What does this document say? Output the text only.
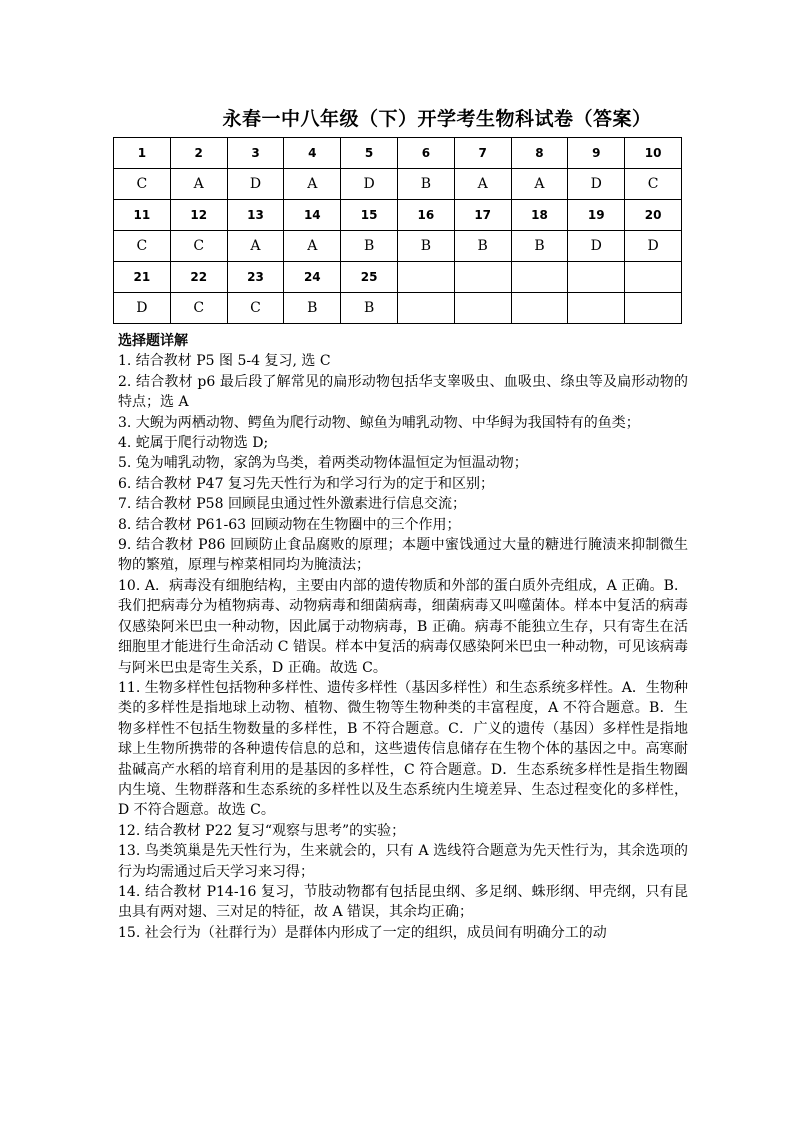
永春一中八年级（下）开学考生物科试卷（答案）
1	2	3	4	5	6	7	8	9	10
C	A	D	A	D	B	A	A	D	C
11	12	13	14	15	16	17	18	19	20
C	C	A	A	B	B	B	B	D	D
21	22	23	24	25					
D	C	C	B	B					
选择题详解

1. 结合教材 P5 图 5-4 复习, 选 C

2. 结合教材 p6 最后段了解常见的扁形动物包括华支睾吸虫、血吸虫、绦虫等及扁形动物的特点；选 A

3. 大鲵为两栖动物、鳄鱼为爬行动物、鲸鱼为哺乳动物、中华鲟为我国特有的鱼类；

4. 蛇属于爬行动物选 D;

5. 兔为哺乳动物，家鸽为鸟类，着两类动物体温恒定为恒温动物；

6. 结合教材 P47 复习先天性行为和学习行为的定于和区别；

7. 结合教材 P58 回顾昆虫通过性外激素进行信息交流；

8. 结合教材 P61-63 回顾动物在生物圈中的三个作用；

9. 结合教材 P86 回顾防止食品腐败的原理；本题中蜜饯通过大量的糖进行腌渍来抑制微生物的繁殖，原理与榨菜相同均为腌渍法；

10. A．病毒没有细胞结构，主要由内部的遗传物质和外部的蛋白质外壳组成，A 正确。B．我们把病毒分为植物病毒、动物病毒和细菌病毒，细菌病毒又叫噬菌体。样本中复活的病毒仅感染阿米巴虫一种动物，因此属于动物病毒，B 正确。病毒不能独立生存，只有寄生在活细胞里才能进行生命活动 C 错误。样本中复活的病毒仅感染阿米巴虫一种动物，可见该病毒与阿米巴虫是寄生关系，D 正确。故选 C。

11. 生物多样性包括物种多样性、遗传多样性（基因多样性）和生态系统多样性。A．生物种类的多样性是指地球上动物、植物、微生物等生物种类的丰富程度，A 不符合题意。B．生物多样性不包括生物数量的多样性，B 不符合题意。C．广义的遗传（基因）多样性是指地球上生物所携带的各种遗传信息的总和，这些遗传信息储存在生物个体的基因之中。高寒耐盐碱高产水稻的培育利用的是基因的多样性，C 符合题意。D．生态系统多样性是指生物圈内生境、生物群落和生态系统的多样性以及生态系统内生境差异、生态过程变化的多样性，D 不符合题意。故选 C。

12. 结合教材 P22 复习“观察与思考”的实验；

13. 鸟类筑巢是先天性行为，生来就会的，只有 A 选线符合题意为先天性行为，其余选项的行为均需通过后天学习来习得；

14. 结合教材 P14-16 复习，节肢动物都有包括昆虫纲、多足纲、蛛形纲、甲壳纲，只有昆虫具有两对翅、三对足的特征，故 A 错误，其余均正确；

15. 社会行为（社群行为）是群体内形成了一定的组织，成员间有明确分工的动
